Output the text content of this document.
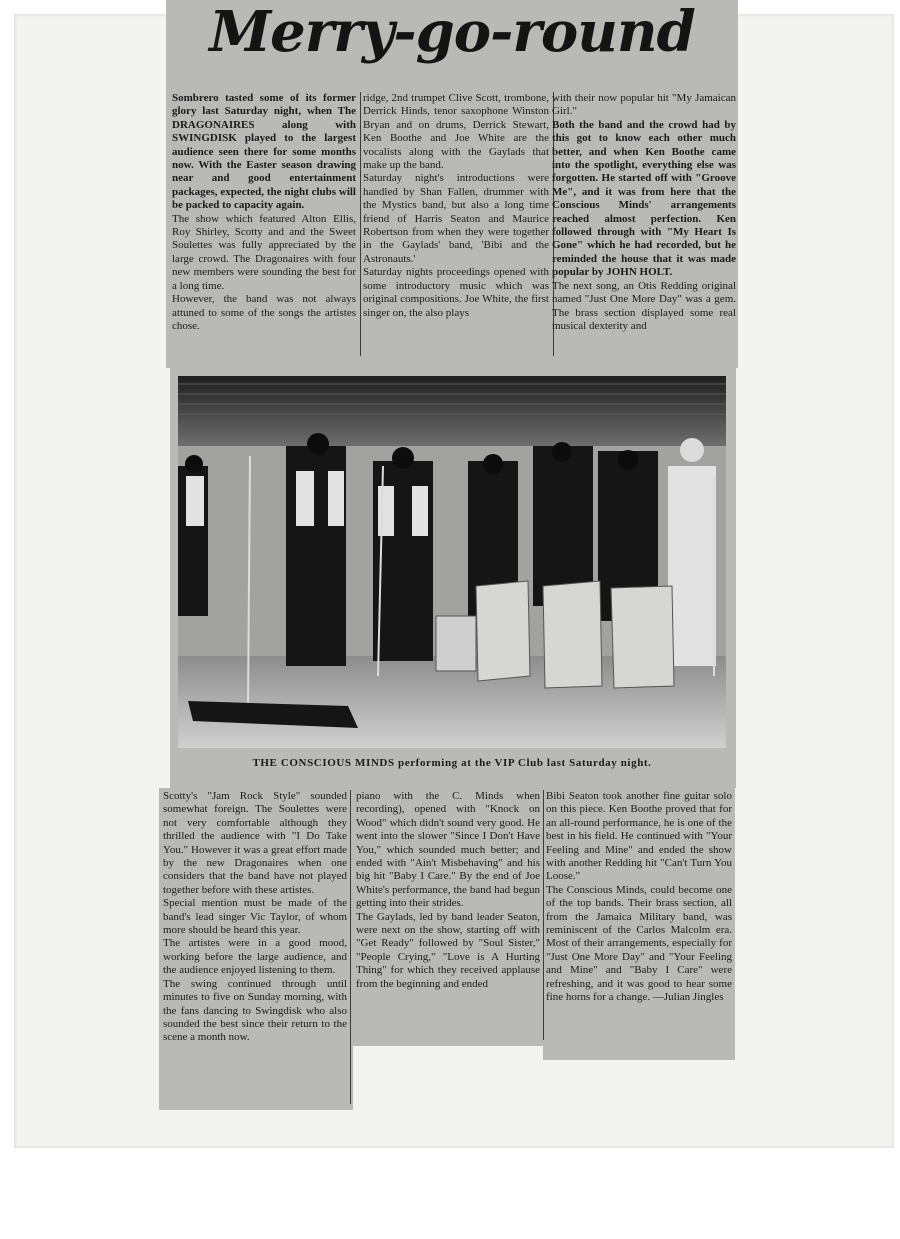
Merry-go-round

Sombrero tasted some of its former glory last Saturday night, when The DRAGONAIRES along with SWINGDISK played to the largest audience seen there for some months now. With the Easter season drawing near and good entertainment packages, expected, the night clubs will be packed to capacity again.

The show which featured Alton Ellis, Roy Shirley, Scotty and and the Sweet Soulettes was fully appreciated by the large crowd. The Dragonaires with four new members were sounding the best for a long time.

However, the band was not always attuned to some of the songs the artistes chose.

ridge, 2nd trumpet Clive Scott, trombone, Derrick Hinds, tenor saxophone Winston Bryan and on drums, Derrick Stewart, Ken Boothe and Joe White are the vocalists along with the Gaylads that make up the band.

Saturday night's introductions were handled by Shan Fallen, drummer with the Mystics band, but also a long time friend of Harris Seaton and Maurice Robertson from when they were together in the Gaylads' band, 'Bibi and the Astronauts.'

Saturday nights proceedings opened with some introductory music which was original compositions. Joe White, the first singer on, the also plays

with their now popular hit "My Jamaican Girl."

Both the band and the crowd had by this got to know each other much better, and when Ken Boothe came into the spotlight, everything else was forgotten. He started off with "Groove Me", and it was from here that the Conscious Minds' arrangements reached almost perfection. Ken followed through with "My Heart Is Gone" which he had recorded, but he reminded the house that it was made popular by JOHN HOLT.

The next song, an Otis Redding original named "Just One More Day" was a gem. The brass section displayed some real musical dexterity and

THE CONSCIOUS MINDS performing at the VIP Club last Saturday night.

Scotty's "Jam Rock Style" sounded somewhat foreign. The Soulettes were not very comfortable although they thrilled the audience with "I Do Take You." However it was a great effort made by the new Dragonaires when one considers that the band have not played together before with these artistes.

Special mention must be made of the band's lead singer Vic Taylor, of whom more should be heard this year.

The artistes were in a good mood, working before the large audience, and the audience enjoyed listening to them.

The swing continued through until minutes to five on Sunday morning, with the fans dancing to Swingdisk who also sounded the best since their return to the scene a month now.

piano with the C. Minds when recording), opened with "Knock on Wood" which didn't sound very good. He went into the slower "Since I Don't Have You," which sounded much better; and ended with "Ain't Misbehaving" and his big hit "Baby I Care." By the end of Joe White's performance, the band had begun getting into their strides.

The Gaylads, led by band leader Seaton, were next on the show, starting off with "Get Ready" followed by "Soul Sister," "People Crying," "Love is A Hurting Thing" for which they received applause from the beginning and ended

Bibi Seaton took another fine guitar solo on this piece. Ken Boothe proved that for an all-round performance, he is one of the best in his field. He continued with "Your Feeling and Mine" and ended the show with another Redding hit "Can't Turn You Loose."

The Conscious Minds, could become one of the top bands. Their brass section, all from the Jamaica Military band, was reminiscent of the Carlos Malcolm era. Most of their arrangements, especially for "Just One More Day" and "Your Feeling and Mine" and "Baby I Care" were refreshing, and it was good to hear some fine horns for a change. —Julian Jingles
